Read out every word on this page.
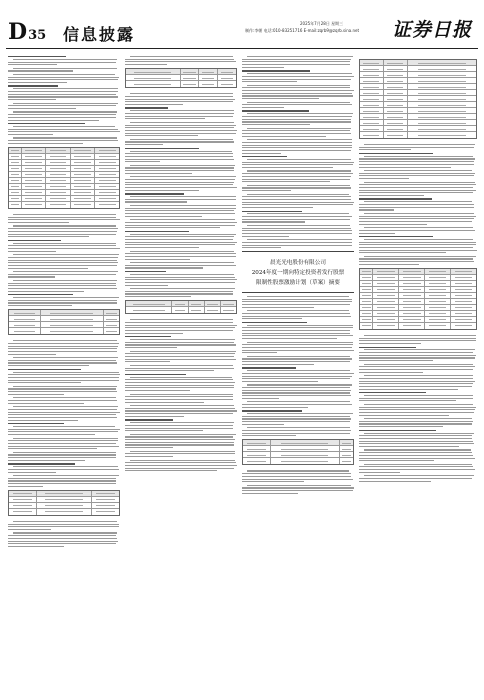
D35 信息披露
2025年7月28日 星期三
制作:李朝 电话:010-83251716 E-mail:zqrb9@zqrb.sina.net 证券日报
晨光光电股份有限公司
2024年度一期向特定投资者发行股票
限制性股票激励计划（草案）摘要
